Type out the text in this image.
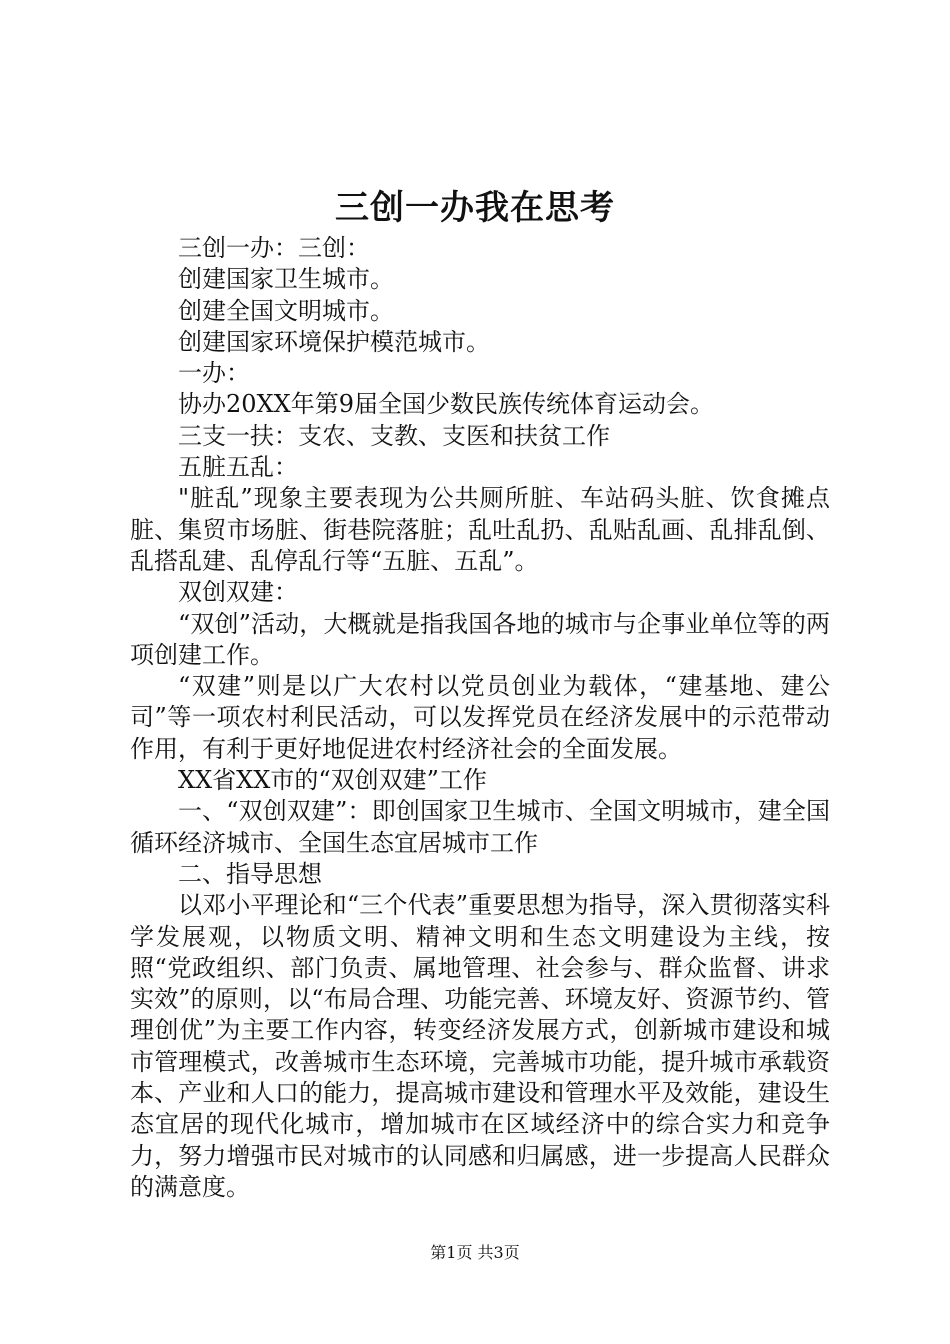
三创一办我在思考

三创一办：三创：

创建国家卫生城市。

创建全国文明城市。

创建国家环境保护模范城市。

一办：

协办20XX年第9届全国少数民族传统体育运动会。

三支一扶：支农、支教、支医和扶贫工作

五脏五乱：

"脏乱”现象主要表现为公共厕所脏、车站码头脏、饮食摊点脏、集贸市场脏、街巷院落脏；乱吐乱扔、乱贴乱画、乱排乱倒、乱搭乱建、乱停乱行等“五脏、五乱”。

双创双建：

“双创”活动，大概就是指我国各地的城市与企事业单位等的两项创建工作。

“双建”则是以广大农村以党员创业为载体，“建基地、建公司”等一项农村利民活动，可以发挥党员在经济发展中的示范带动作用，有利于更好地促进农村经济社会的全面发展。

XX省XX市的“双创双建”工作

一、“双创双建”：即创国家卫生城市、全国文明城市，建全国循环经济城市、全国生态宜居城市工作

二、指导思想

以邓小平理论和“三个代表”重要思想为指导，深入贯彻落实科学发展观，以物质文明、精神文明和生态文明建设为主线，按照“党政组织、部门负责、属地管理、社会参与、群众监督、讲求实效”的原则，以“布局合理、功能完善、环境友好、资源节约、管理创优”为主要工作内容，转变经济发展方式，创新城市建设和城市管理模式，改善城市生态环境，完善城市功能，提升城市承载资本、产业和人口的能力，提高城市建设和管理水平及效能，建设生态宜居的现代化城市，增加城市在区域经济中的综合实力和竞争力，努力增强市民对城市的认同感和归属感，进一步提高人民群众的满意度。

第1页 共3页
